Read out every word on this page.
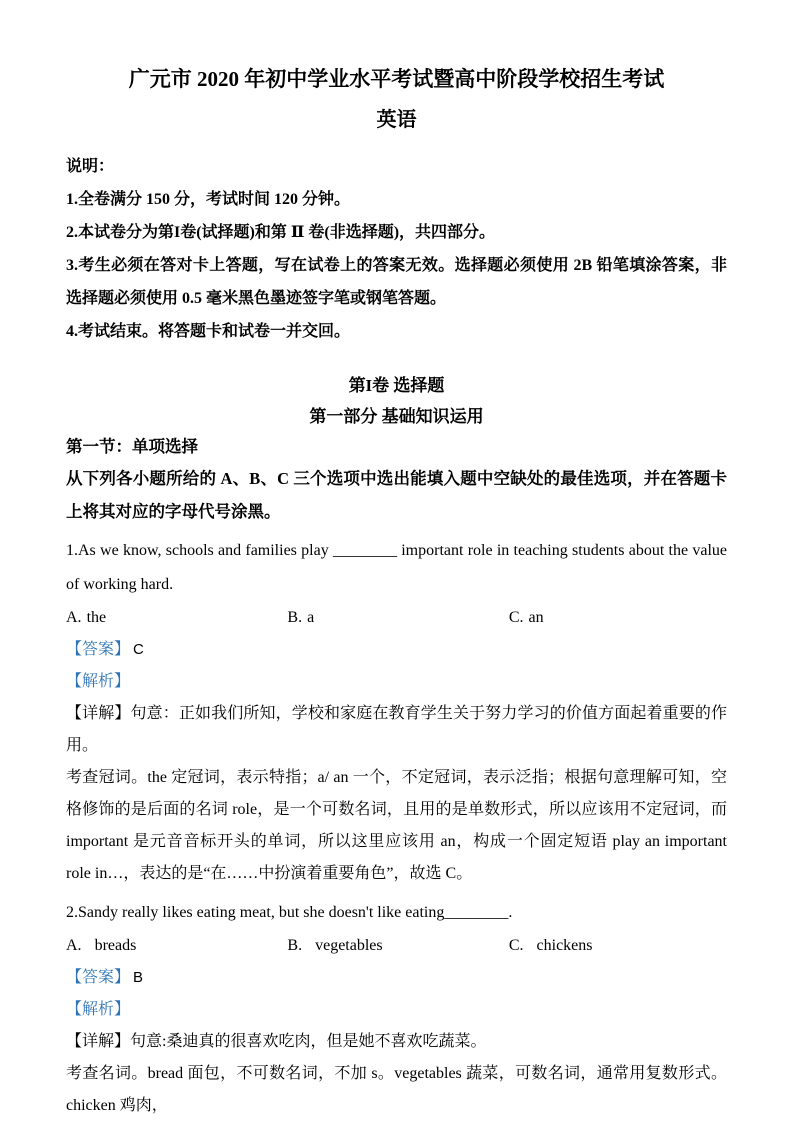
广元市 2020 年初中学业水平考试暨高中阶段学校招生考试
英语

说明：

1.全卷满分 150 分，考试时间 120 分钟。

2.本试卷分为第I卷(试择题)和第 Ⅱ 卷(非选择题)，共四部分。

3.考生必须在答对卡上答题，写在试卷上的答案无效。选择题必须使用 2B 铅笔填涂答案，非选择题必须使用 0.5 毫米黑色墨迹签字笔或钢笔答题。

4.考试结束。将答题卡和试卷一并交回。

第I卷 选择题

第一部分 基础知识运用

第一节：单项选择

从下列各小题所给的 A、B、C 三个选项中选出能填入题中空缺处的最佳选项，并在答题卡上将其对应的字母代号涂黑。

1.As we know, schools and families play ________ important role in teaching students about the value of working hard.

A. the	B. a	C. an

【答案】 C

【解析】

【详解】句意：正如我们所知，学校和家庭在教育学生关于努力学习的价值方面起着重要的作用。

考查冠词。the 定冠词，表示特指；a/ an 一个，不定冠词，表示泛指；根据句意理解可知，空格修饰的是后面的名词 role，是一个可数名词，且用的是单数形式，所以应该用不定冠词，而 important 是元音音标开头的单词，所以这里应该用 an，构成一个固定短语 play an important role in…，表达的是“在……中扮演着重要角色”，故选 C。

2.Sandy really likes eating meat, but she doesn't like eating________.

A. breads	B. vegetables	C. chickens

【答案】 B

【解析】

【详解】句意:桑迪真的很喜欢吃肉，但是她不喜欢吃蔬菜。

考查名词。bread 面包，不可数名词，不加 s。vegetables 蔬菜，可数名词，通常用复数形式。chicken 鸡肉，
